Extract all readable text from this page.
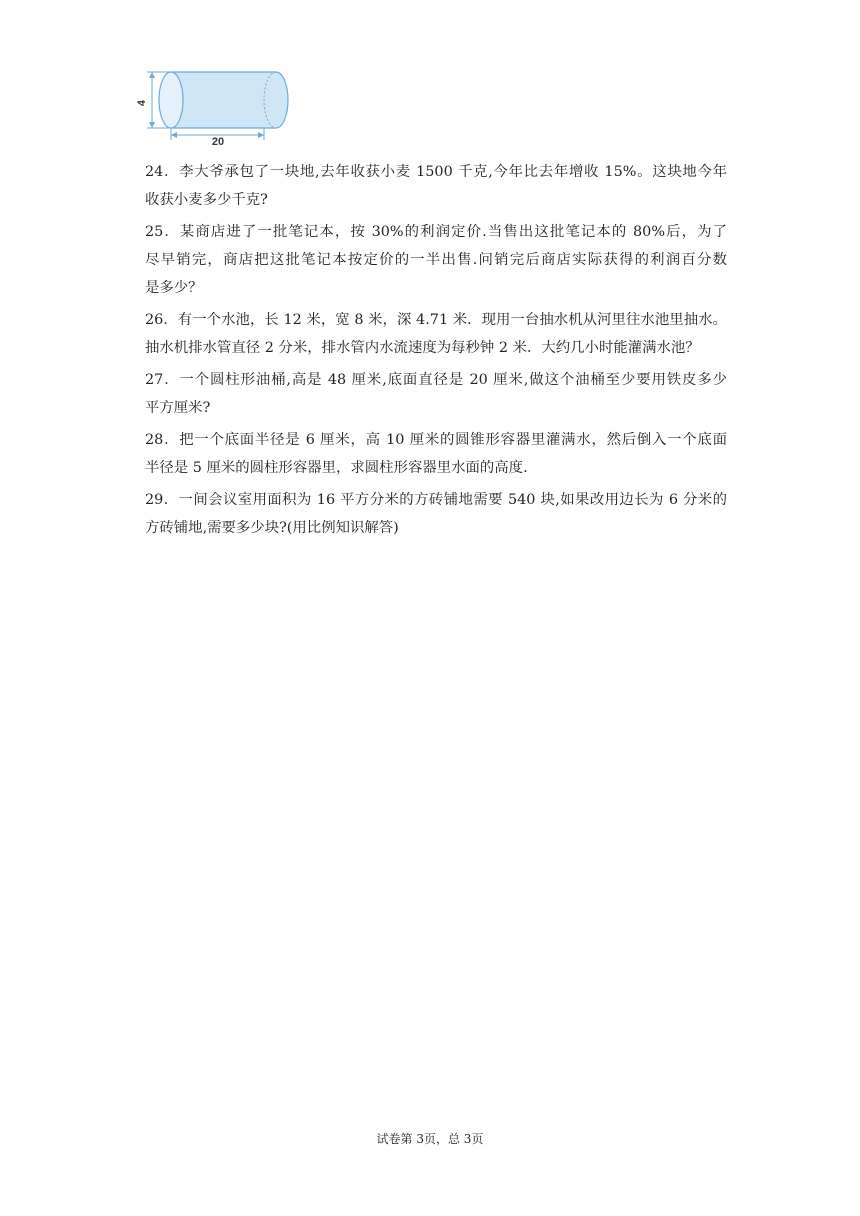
4
20
24．李大爷承包了一块地,去年收获小麦 1500 千克,今年比去年增收 15%。这块地今年
收获小麦多少千克?
25．某商店进了一批笔记本，按 30%的利润定价.当售出这批笔记本的 80%后，为了
尽早销完，商店把这批笔记本按定价的一半出售.问销完后商店实际获得的利润百分数
是多少？
26．有一个水池，长 12 米，宽 8 米，深 4.71 米．现用一台抽水机从河里往水池里抽水。
抽水机排水管直径 2 分米，排水管内水流速度为每秒钟 2 米．大约几小时能灌满水池？
27．一个圆柱形油桶,高是 48 厘米,底面直径是 20 厘米,做这个油桶至少要用铁皮多少
平方厘米?
28．把一个底面半径是 6 厘米，高 10 厘米的圆锥形容器里灌满水，然后倒入一个底面
半径是 5 厘米的圆柱形容器里，求圆柱形容器里水面的高度.
29．一间会议室用面积为 16 平方分米的方砖铺地需要 540 块,如果改用边长为 6 分米的
方砖铺地,需要多少块?(用比例知识解答)
试卷第 3页，总 3页
